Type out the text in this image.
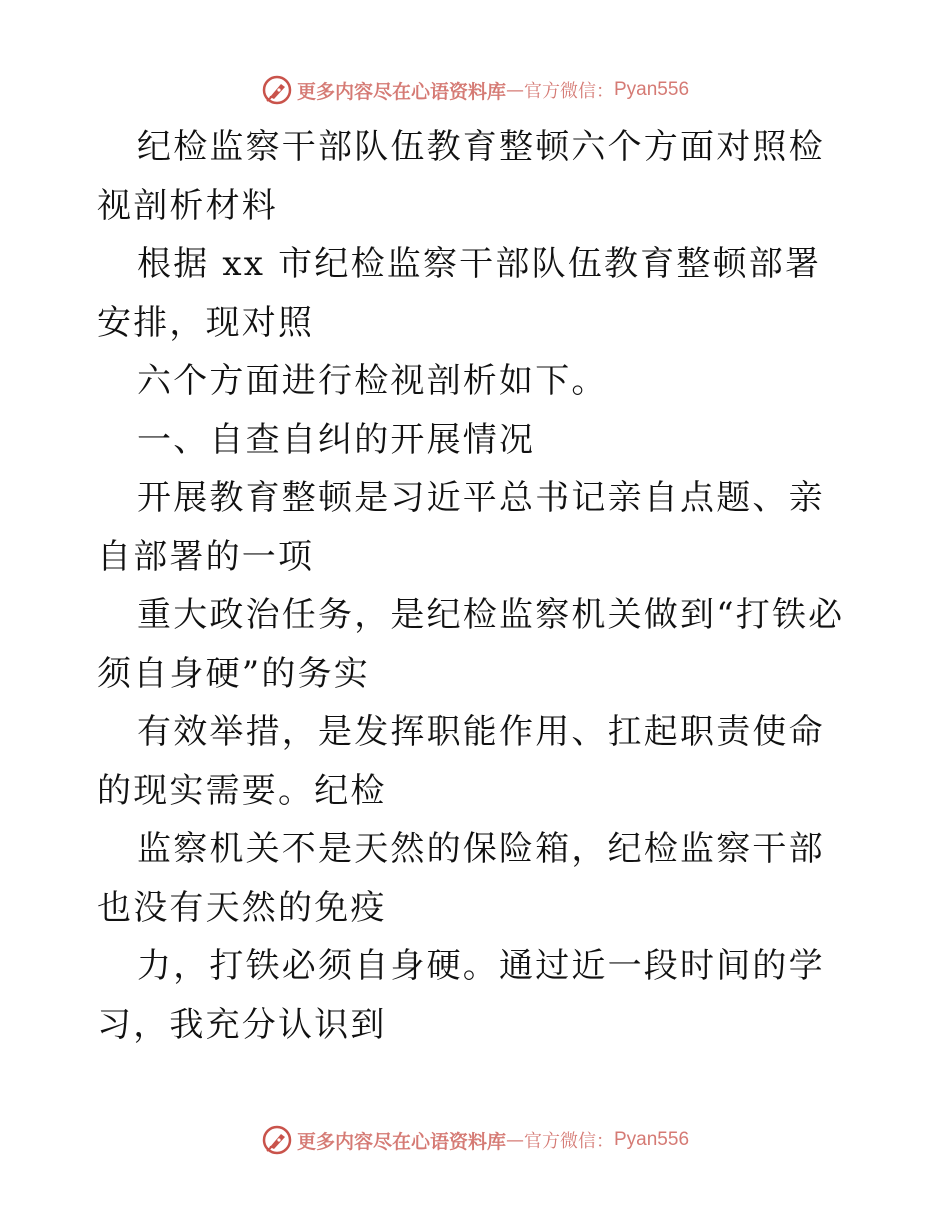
更多内容尽在心语资料库 — 官方微信： Pyan556

纪检监察干部队伍教育整顿六个方面对照检视剖析材料

根据 xx 市纪检监察干部队伍教育整顿部署安排，现对照

六个方面进行检视剖析如下。

一、自查自纠的开展情况

开展教育整顿是习近平总书记亲自点题、亲自部署的一项

重大政治任务，是纪检监察机关做到“打铁必须自身硬”的务实

有效举措，是发挥职能作用、扛起职责使命的现实需要。纪检

监察机关不是天然的保险箱，纪检监察干部也没有天然的免疫

力，打铁必须自身硬。通过近一段时间的学习，我充分认识到

更多内容尽在心语资料库 — 官方微信： Pyan556
